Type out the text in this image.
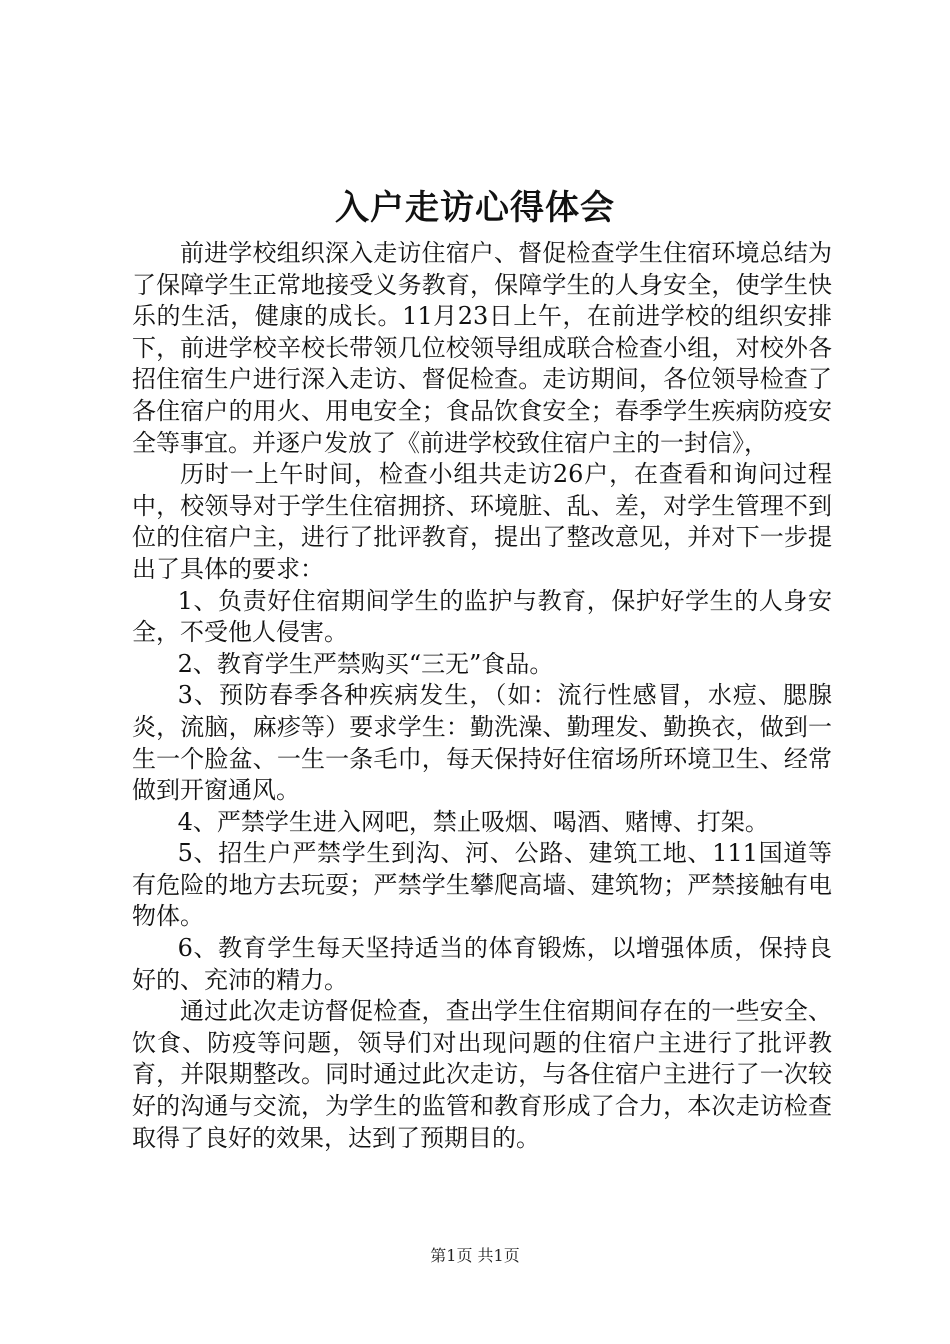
入户走访心得体会

前进学校组织深入走访住宿户、督促检查学生住宿环境总结为了保障学生正常地接受义务教育，保障学生的人身安全，使学生快乐的生活，健康的成长。11月23日上午，在前进学校的组织安排下，前进学校辛校长带领几位校领导组成联合检查小组，对校外各招住宿生户进行深入走访、督促检查。走访期间，各位领导检查了各住宿户的用火、用电安全；食品饮食安全；春季学生疾病防疫安全等事宜。并逐户发放了《前进学校致住宿户主的一封信》，

历时一上午时间，检查小组共走访26户，在查看和询问过程中，校领导对于学生住宿拥挤、环境脏、乱、差，对学生管理不到位的住宿户主，进行了批评教育，提出了整改意见，并对下一步提出了具体的要求：

1、负责好住宿期间学生的监护与教育，保护好学生的人身安全，不受他人侵害。

2、教育学生严禁购买“三无”食品。

3、预防春季各种疾病发生，（如：流行性感冒，水痘、腮腺炎，流脑，麻疹等）要求学生：勤洗澡、勤理发、勤换衣，做到一生一个脸盆、一生一条毛巾，每天保持好住宿场所环境卫生、经常做到开窗通风。

4、严禁学生进入网吧，禁止吸烟、喝酒、赌博、打架。

5、招生户严禁学生到沟、河、公路、建筑工地、111国道等有危险的地方去玩耍；严禁学生攀爬高墙、建筑物；严禁接触有电物体。

6、教育学生每天坚持适当的体育锻炼，以增强体质，保持良好的、充沛的精力。

通过此次走访督促检查，查出学生住宿期间存在的一些安全、饮食、防疫等问题，领导们对出现问题的住宿户主进行了批评教育，并限期整改。同时通过此次走访，与各住宿户主进行了一次较好的沟通与交流，为学生的监管和教育形成了合力，本次走访检查取得了良好的效果，达到了预期目的。

第1页 共1页
